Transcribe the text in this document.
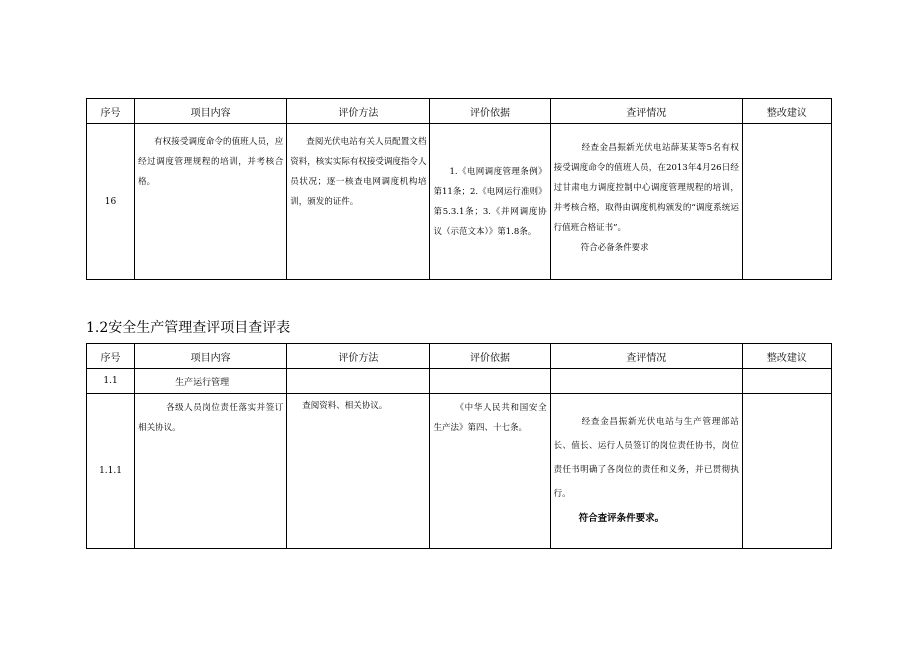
序号	项目内容	评价方法	评价依据	查评情况	整改建议
16	有权接受调度命令的值班人员，应经过调度管理规程的培训，并考核合格。	查阅光伏电站有关人员配置文档资料，核实实际有权接受调度指令人员状况；逐一核查电网调度机构培训，颁发的证件。	1.《电网调度管理条例》第11条；2.《电网运行准则》第5.3.1条；3.《并网调度协议（示范文本）》第1.8条。	经查金昌振新光伏电站薛某某等5名有权接受调度命令的值班人员，在2013年4月26日经过甘肃电力调度控制中心调度管理规程的培训，并考核合格，取得由调度机构颁发的“调度系统运行值班合格证书”。
符合必备条件要求	

1.2安全生产管理查评项目查评表
序号	项目内容	评价方法	评价依据	查评情况	整改建议
1.1	生产运行管理				
1.1.1	各级人员岗位责任落实并签订相关协议。	查阅资料、相关协议。	《中华人民共和国安全生产法》第四、十七条。	经查金昌振新光伏电站与生产管理部站长、值长、运行人员签订的岗位责任协书，岗位责任书明确了各岗位的责任和义务，并已贯彻执行。
符合查评条件要求。	
